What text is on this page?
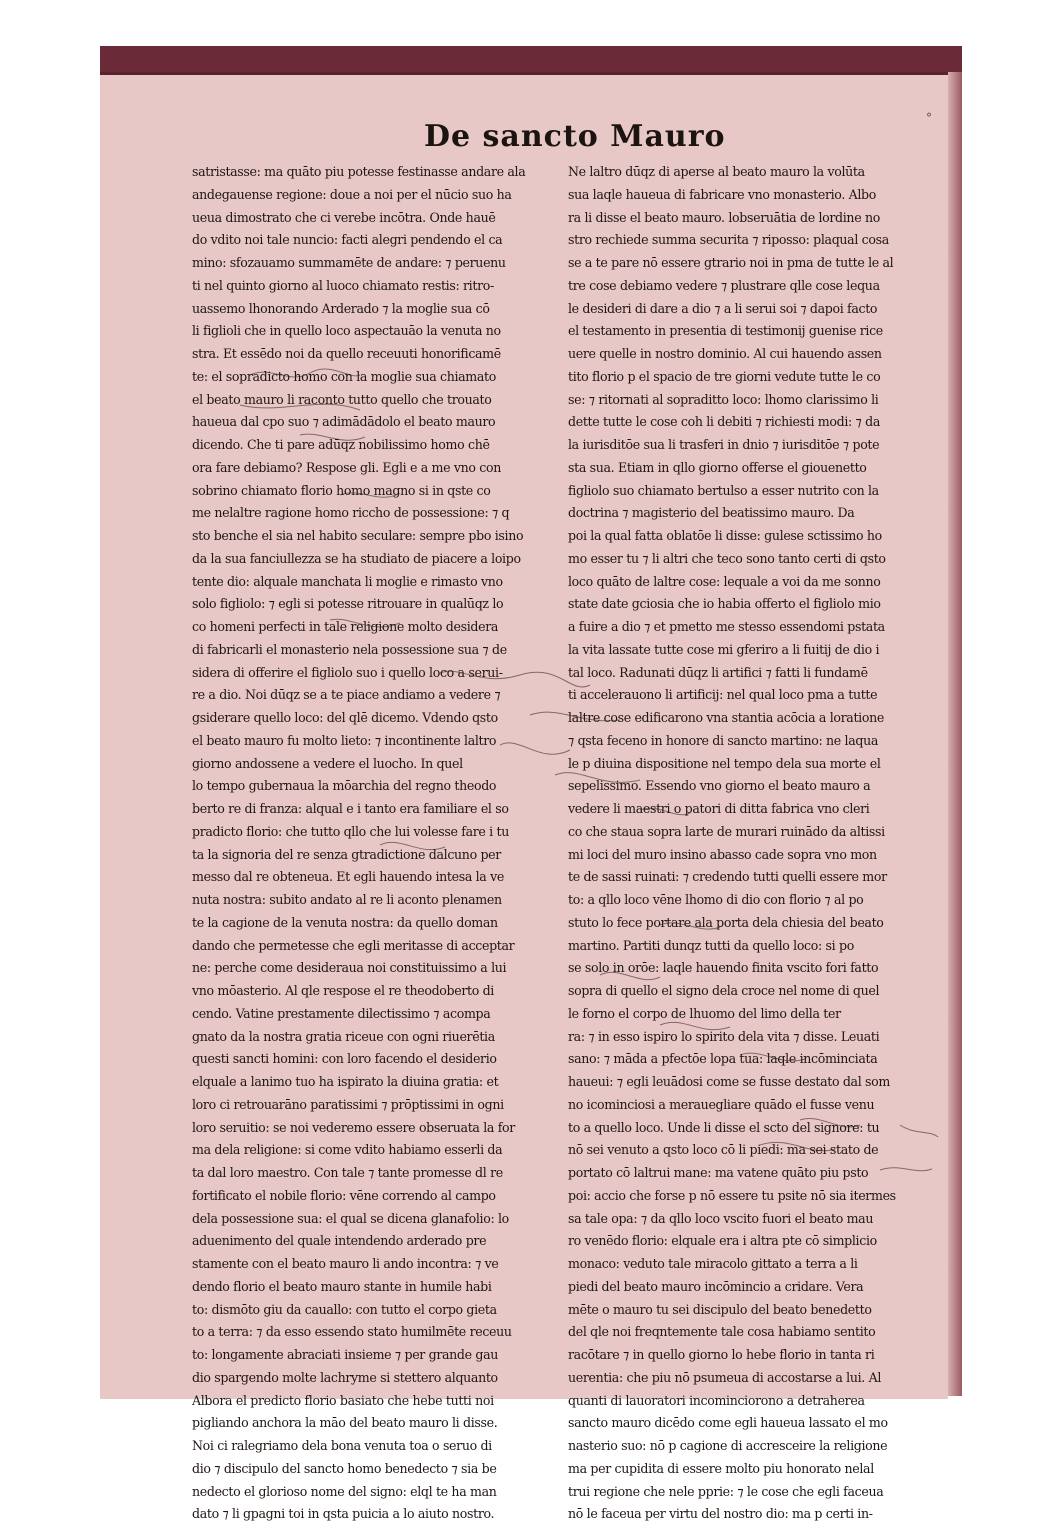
De sancto Mauro
satristasse: ma quāto piu potesse festinasse andare ala
andegauense regione: doue a noi per el nūcio suo ha
ueua dimostrato che ci verebe incōtra. Onde hauē
do vdito noi tale nuncio: facti alegri pendendo el ca
mino: sfozauamo summamēte de andare: ⁊ peruenu
ti nel quinto giorno al luoco chiamato restis: ritro-
uassemo lhonorando Arderado ⁊ la moglie sua cō
li figlioli che in quello loco aspectauāo la venuta no
stra. Et essēdo noi da quello receuuti honorificamē
te: el sopradicto homo con la moglie sua chiamato
el beato mauro li raconto tutto quello che trouato
haueua dal cpo suo ⁊ adimādādolo el beato mauro
dicendo. Che ti pare adūqz nobilissimo homo chē
ora fare debiamo? Respose gli. Egli e a me vno con
sobrino chiamato florio homo magno si in qste co
me nelaltre ragione homo riccho de possessione: ⁊ q
sto benche el sia nel habito seculare: sempre pbo isino
da la sua fanciullezza se ha studiato de piacere a loipo
tente dio: alquale manchata li moglie e rimasto vno
solo figliolo: ⁊ egli si potesse ritrouare in qualūqz lo
co homeni perfecti in tale religione molto desidera
di fabricarli el monasterio nela possessione sua ⁊ de
sidera di offerire el figliolo suo i quello loco a serui-
re a dio. Noi dūqz se a te piace andiamo a vedere ⁊
gsiderare quello loco: del qlē dicemo. Vdendo qsto
el beato mauro fu molto lieto: ⁊ incontinente laltro
giorno andossene a vedere el luocho. In quel
lo tempo gubernaua la mōarchia del regno theodo
berto re di franza: alqual e i tanto era familiare el so
pradicto florio: che tutto qllo che lui volesse fare i tu
ta la signoria del re senza gtradictione dalcuno per
messo dal re obteneua. Et egli hauendo intesa la ve
nuta nostra: subito andato al re li aconto plenamen
te la cagione de la venuta nostra: da quello doman
dando che permetesse che egli meritasse di acceptar
ne: perche come desideraua noi constituissimo a lui
vno mōasterio. Al qle respose el re theodoberto di
cendo. Vatine prestamente dilectissimo ⁊ acompa
gnato da la nostra gratia riceue con ogni riuerētia
questi sancti homini: con loro facendo el desiderio
elquale a lanimo tuo ha ispirato la diuina gratia: et
loro ci retrouarāno paratissimi ⁊ prōptissimi in ogni
loro seruitio: se noi vederemo essere obseruata la for
ma dela religione: si come vdito habiamo esserli da
ta dal loro maestro. Con tale ⁊ tante promesse dl re
fortificato el nobile florio: vēne correndo al campo
dela possessione sua: el qual se dicena glanafolio: lo
aduenimento del quale intendendo arderado pre
stamente con el beato mauro li ando incontra: ⁊ ve
dendo florio el beato mauro stante in humile habi
to: dismōto giu da cauallo: con tutto el corpo gieta
to a terra: ⁊ da esso essendo stato humilmēte receuu
to: longamente abraciati insieme ⁊ per grande gau
dio spargendo molte lachryme si stettero alquanto
Albora el predicto florio basiato che hebe tutti noi
pigliando anchora la māo del beato mauro li disse.
Noi ci ralegriamo dela bona venuta toa o seruo di
dio ⁊ discipulo del sancto homo benedecto ⁊ sia be
nedecto el glorioso nome del signo: elql te ha man
dato ⁊ li gpagni toi in qsta puicia a lo aiuto nostro.
Ne laltro dūqz di aperse al beato mauro la volūta
sua laqle haueua di fabricare vno monasterio. Albo
ra li disse el beato mauro. lobseruātia de lordine no
stro rechiede summa securita ⁊ riposso: plaqual cosa
se a te pare nō essere gtrario noi in pma de tutte le al
tre cose debiamo vedere ⁊ plustrare qlle cose lequa
le desideri di dare a dio ⁊ a li serui soi ⁊ dapoi facto
el testamento in presentia di testimonij guenise rice
uere quelle in nostro dominio. Al cui hauendo assen
tito florio p el spacio de tre giorni vedute tutte le co
se: ⁊ ritornati al sopraditto loco: lhomo clarissimo li
dette tutte le cose coh li debiti ⁊ richiesti modi: ⁊ da
la iurisditōe sua li trasferi in dnio ⁊ iurisditōe ⁊ pote
sta sua. Etiam in qllo giorno offerse el giouenetto
figliolo suo chiamato bertulso a esser nutrito con la
doctrina ⁊ magisterio del beatissimo mauro. Da
poi la qual fatta oblatōe li disse: gulese sctissimo ho
mo esser tu ⁊ li altri che teco sono tanto certi di qsto
loco quāto de laltre cose: lequale a voi da me sonno
state date gciosia che io habia offerto el figliolo mio
a fuire a dio ⁊ et pmetto me stesso essendomi pstata
la vita lassate tutte cose mi gferiro a li fuitij de dio i
tal loco. Radunati dūqz li artifici ⁊ fatti li fundamē
ti accelerauono li artificij: nel qual loco pma a tutte
laltre cose edificarono vna stantia acōcia a loratione
⁊ qsta feceno in honore di sancto martino: ne laqua
le p diuina dispositione nel tempo dela sua morte el
sepelissimo. Essendo vno giorno el beato mauro a
vedere li maestri o patori di ditta fabrica vno cleri
co che staua sopra larte de murari ruinādo da altissi
mi loci del muro insino abasso cade sopra vno mon
te de sassi ruinati: ⁊ credendo tutti quelli essere mor
to: a qllo loco vēne lhomo di dio con florio ⁊ al po
stuto lo fece portare ala porta dela chiesia del beato
martino. Partiti dunqz tutti da quello loco: si po
se solo in orōe: laqle hauendo finita vscito fori fatto
sopra di quello el signo dela croce nel nome di quel
le forno el corpo de lhuomo del limo della ter
ra: ⁊ in esso ispiro lo spirito dela vita ⁊ disse. Leuati
sano: ⁊ māda a pfectōe lopa tua: laqle incōminciata
haueui: ⁊ egli leuādosi come se fusse destato dal som
no icominciosi a merauegliare quādo el fusse venu
to a quello loco. Unde li disse el scto del signore: tu
nō sei venuto a qsto loco cō li piedi: ma sei stato de
portato cō laltrui mane: ma vatene quāto piu psto
poi: accio che forse p nō essere tu psite nō sia itermes
sa tale opa: ⁊ da qllo loco vscito fuori el beato mau
ro venēdo florio: elquale era i altra pte cō simplicio
monaco: veduto tale miracolo gittato a terra a li
piedi del beato mauro incōmincio a cridare. Vera
mēte o mauro tu sei discipulo del beato benedetto
del qle noi freqntemente tale cosa habiamo sentito
racōtare ⁊ in quello giorno lo hebe florio in tanta ri
uerentia: che piu nō psumeua di accostarse a lui. Al
quanti di lauoratori incominciorono a detraherea
sancto mauro dicēdo come egli haueua lassato el mo
nasterio suo: nō p cagione di accresceire la religione
ma per cupidita di essere molto piu honorato nelal
trui regione che nele pprie: ⁊ le cose che egli faceua
nō le faceua per virtu del nostro dio: ma p certi in-
°
